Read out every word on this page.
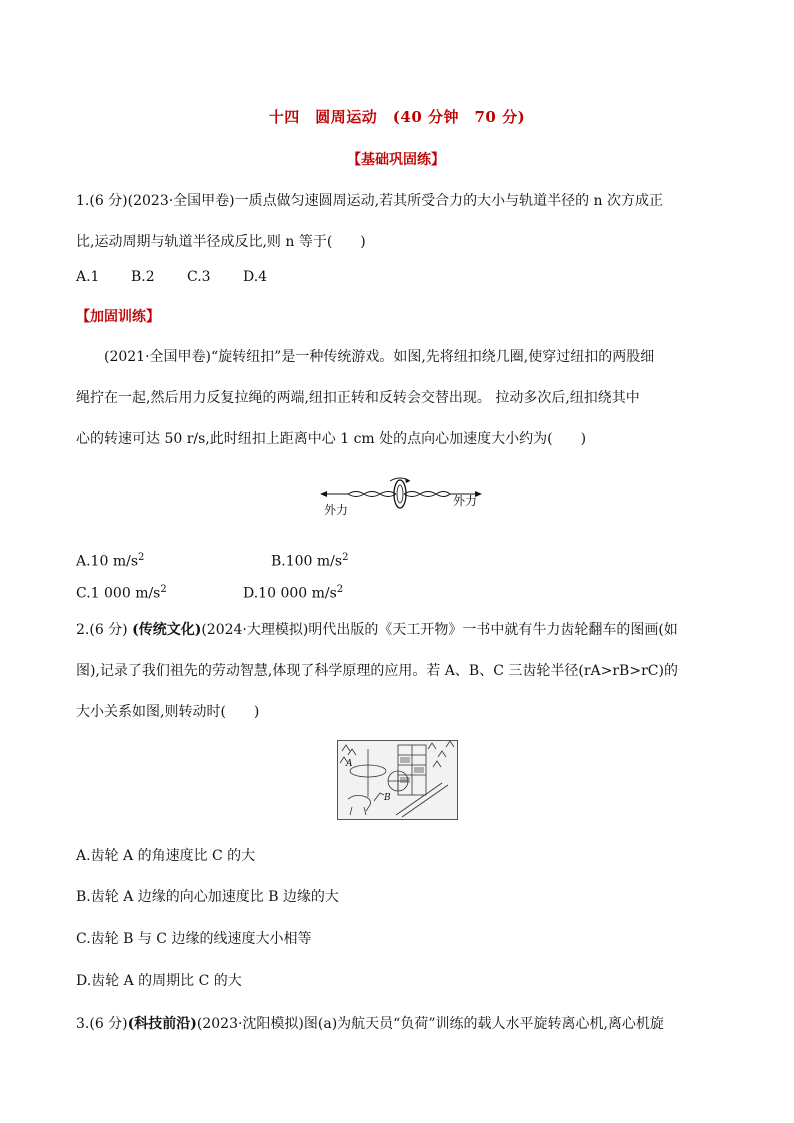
十四　圆周运动　(40 分钟　70 分)
【基础巩固练】
1.(6 分)(2023·全国甲卷)一质点做匀速圆周运动,若其所受合力的大小与轨道半径的 n 次方成正
比,运动周期与轨道半径成反比,则 n 等于(　　)
A.1 B.2 C.3 D.4
【加固训练】
(2021·全国甲卷)“旋转纽扣”是一种传统游戏。如图,先将纽扣绕几圈,使穿过纽扣的两股细
绳拧在一起,然后用力反复拉绳的两端,纽扣正转和反转会交替出现。 拉动多次后,纽扣绕其中
心的转速可达 50 r/s,此时纽扣上距离中心 1 cm 处的点向心加速度大小约为(　　)
外力
外力
A.10 $m/s^2$	B.100 $m/s^2$
C.1 000 $m/s^2$	D.10 000 $m/s^2$
2.(6 分) (传统文化)(2024·大理模拟)明代出版的《天工开物》一书中就有牛力齿轮翻车的图画(如
图),记录了我们祖先的劳动智慧,体现了科学原理的应用。若 A、B、C 三齿轮半径(rA>rB>rC)的
大小关系如图,则转动时(　　)
A
B
A.齿轮 A 的角速度比 C 的大
B.齿轮 A 边缘的向心加速度比 B 边缘的大
C.齿轮 B 与 C 边缘的线速度大小相等
D.齿轮 A 的周期比 C 的大
3.(6 分)(科技前沿)(2023·沈阳模拟)图(a)为航天员“负荷”训练的载人水平旋转离心机,离心机旋
